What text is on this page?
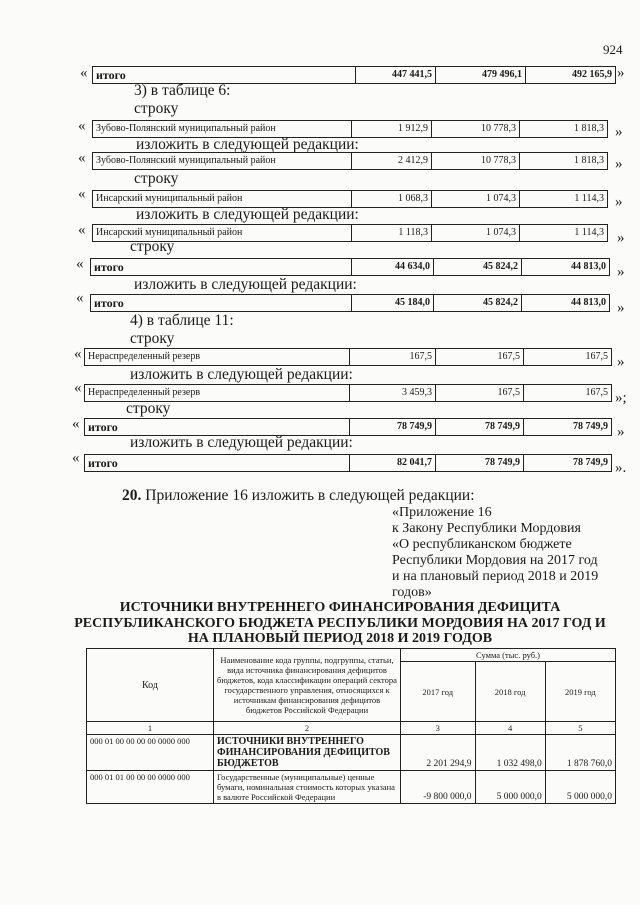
924
« итого	447 441,5	479 496,1	492 165,9 »
3) в таблице 6:
строку
«	Зубово-Полянский муниципальный район	1 912,9	10 778,3	1 818,3 »
изложить в следующей редакции:
«	Зубово-Полянский муниципальный район	2 412,9	10 778,3	1 818,3 »
строку
«	Инсарский муниципальный район	1 068,3	1 074,3	1 114,3 »
изложить в следующей редакции:
«	Инсарский муниципальный район	1 118,3	1 074,3	1 114,3 »
строку
« итого	44 634,0	45 824,2	44 813,0 »
изложить в следующей редакции:
« итого	45 184,0	45 824,2	44 813,0 »
4) в таблице 11:
строку
« Нераспределенный резерв	167,5	167,5	167,5 »
изложить в следующей редакции:
« Нераспределенный резерв	3 459,3	167,5	167,5 »;
строку
« итого	78 749,9	78 749,9	78 749,9 »
изложить в следующей редакции:
« итого	82 041,7	78 749,9	78 749,9 ».
20. Приложение 16 изложить в следующей редакции:
«Приложение 16
к Закону Республики Мордовия
«О республиканском бюджете
Республики Мордовия на 2017 год
и на плановый период 2018 и 2019
годов»
ИСТОЧНИКИ ВНУТРЕННЕГО ФИНАНСИРОВАНИЯ ДЕФИЦИТА
РЕСПУБЛИКАНСКОГО БЮДЖЕТА РЕСПУБЛИКИ МОРДОВИЯ НА 2017 ГОД И
НА ПЛАНОВЫЙ ПЕРИОД 2018 И 2019 ГОДОВ
Код	Наименование кода группы, подгруппы, статьи, вида источника финансирования дефицитов бюджетов, кода классификации операций сектора государственного управления, относящихся к источникам финансирования дефицитов бюджетов Российской Федерации	Сумма (тыс. руб.)		
		2017 год	2018 год	2019 год
1	2	3	4	5
000 01 00 00 00 00 0000 000	ИСТОЧНИКИ ВНУТРЕННЕГО ФИНАНСИРОВАНИЯ ДЕФИЦИТОВ БЮДЖЕТОВ	2 201 294,9	1 032 498,0	1 878 760,0
000 01 01 00 00 00 0000 000	Государственные (муниципальные) ценные бумаги, номинальная стоимость которых указана в валюте Российской Федерации	-9 800 000,0	5 000 000,0	5 000 000,0
